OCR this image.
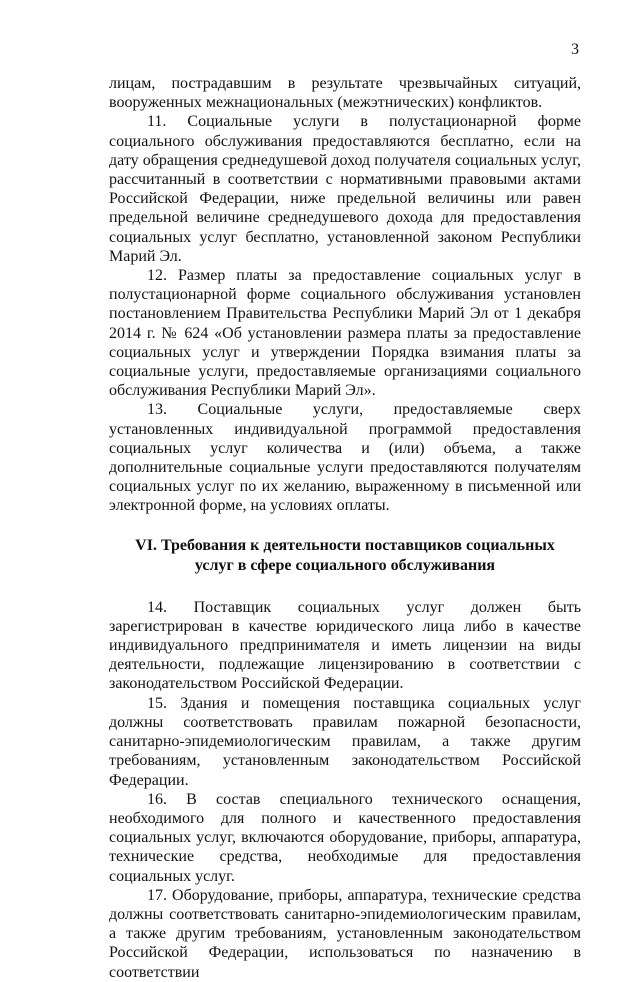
3

лицам, пострадавшим в результате чрезвычайных ситуаций, вооруженных межнациональных (межэтнических) конфликтов.

11. Социальные услуги в полустационарной форме социального обслуживания предоставляются бесплатно, если на дату обращения среднедушевой доход получателя социальных услуг, рассчитанный в соответствии с нормативными правовыми актами Российской Федерации, ниже предельной величины или равен предельной величине среднедушевого дохода для предоставления социальных услуг бесплатно, установленной законом Республики Марий Эл.

12. Размер платы за предоставление социальных услуг в полустационарной форме социального обслуживания установлен постановлением Правительства Республики Марий Эл от 1 декабря 2014 г. № 624 «Об установлении размера платы за предоставление социальных услуг и утверждении Порядка взимания платы за социальные услуги, предоставляемые организациями социального обслуживания Республики Марий Эл».

13. Социальные услуги, предоставляемые сверх установленных индивидуальной программой предоставления социальных услуг количества и (или) объема, а также дополнительные социальные услуги предоставляются получателям социальных услуг по их желанию, выраженному в письменной или электронной форме, на условиях оплаты.

VI. Требования к деятельности поставщиков социальных
услуг в сфере социального обслуживания

14. Поставщик социальных услуг должен быть зарегистрирован в качестве юридического лица либо в качестве индивидуального предпринимателя и иметь лицензии на виды деятельности, подлежащие лицензированию в соответствии с законодательством Российской Федерации.

15. Здания и помещения поставщика социальных услуг должны соответствовать правилам пожарной безопасности, санитарно-эпидемиологическим правилам, а также другим требованиям, установленным законодательством Российской Федерации.

16. В состав специального технического оснащения, необходимого для полного и качественного предоставления социальных услуг, включаются оборудование, приборы, аппаратура, технические средства, необходимые для предоставления социальных услуг.

17. Оборудование, приборы, аппаратура, технические средства должны соответствовать санитарно-эпидемиологическим правилам, а также другим требованиям, установленным законодательством Российской Федерации, использоваться по назначению в соответствии
